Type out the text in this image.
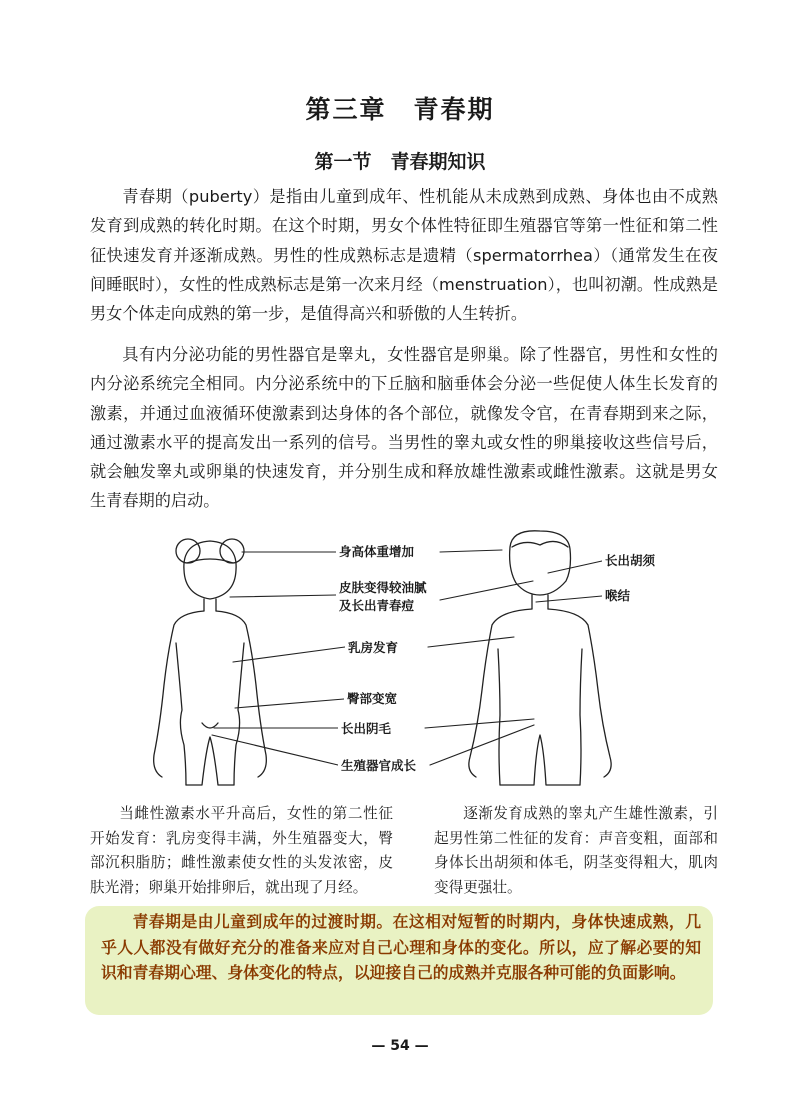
第三章　青春期
第一节　青春期知识

青春期（puberty）是指由儿童到成年、性机能从未成熟到成熟、身体也由不成熟发育到成熟的转化时期。在这个时期，男女个体性特征即生殖器官等第一性征和第二性征快速发育并逐渐成熟。男性的性成熟标志是遗精（spermatorrhea）（通常发生在夜间睡眠时），女性的性成熟标志是第一次来月经（menstruation），也叫初潮。性成熟是男女个体走向成熟的第一步，是值得高兴和骄傲的人生转折。

具有内分泌功能的男性器官是睾丸，女性器官是卵巢。除了性器官，男性和女性的内分泌系统完全相同。内分泌系统中的下丘脑和脑垂体会分泌一些促使人体生长发育的激素，并通过血液循环使激素到达身体的各个部位，就像发令官，在青春期到来之际，通过激素水平的提高发出一系列的信号。当男性的睾丸或女性的卵巢接收这些信号后，就会触发睾丸或卵巢的快速发育，并分别生成和释放雄性激素或雌性激素。这就是男女生青春期的启动。

身高体重增加
皮肤变得较油腻
及长出青春痘
乳房发育
臀部变宽
长出阴毛
生殖器官成长
长出胡须
喉结

当雌性激素水平升高后，女性的第二性征开始发育：乳房变得丰满，外生殖器变大，臀部沉积脂肪；雌性激素使女性的头发浓密，皮肤光滑；卵巢开始排卵后，就出现了月经。

逐渐发育成熟的睾丸产生雄性激素，引起男性第二性征的发育：声音变粗，面部和身体长出胡须和体毛，阴茎变得粗大，肌肉变得更强壮。

青春期是由儿童到成年的过渡时期。在这相对短暂的时期内，身体快速成熟，几乎人人都没有做好充分的准备来应对自己心理和身体的变化。所以，应了解必要的知识和青春期心理、身体变化的特点，以迎接自己的成熟并克服各种可能的负面影响。

— 54 —
